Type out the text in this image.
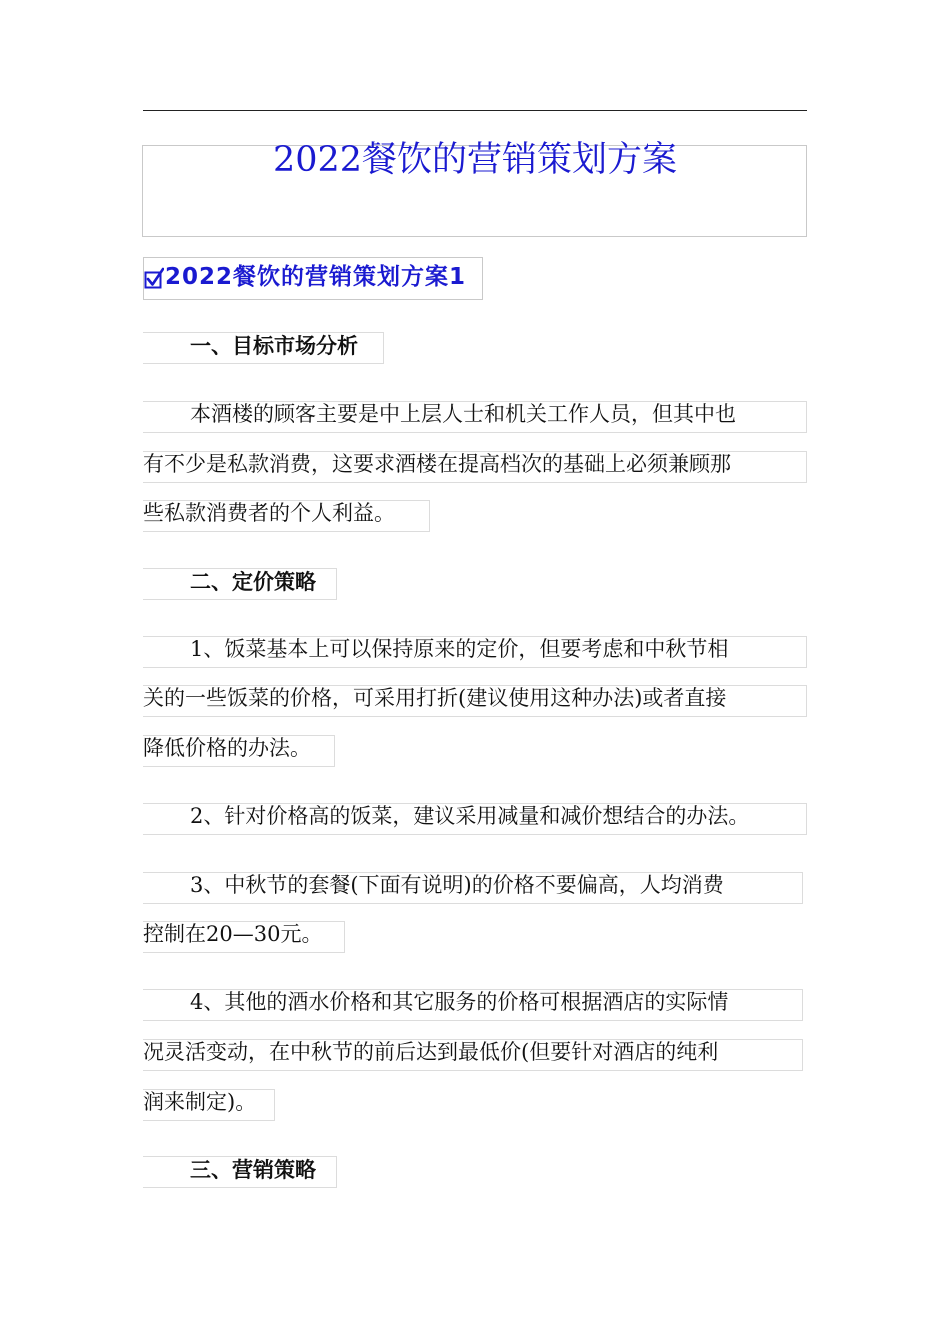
2022餐饮的营销策划方案
2022餐饮的营销策划方案1
一、目标市场分析
本酒楼的顾客主要是中上层人士和机关工作人员，但其中也
有不少是私款消费，这要求酒楼在提高档次的基础上必须兼顾那
些私款消费者的个人利益。
二、定价策略
1、饭菜基本上可以保持原来的定价，但要考虑和中秋节相
关的一些饭菜的价格，可采用打折(建议使用这种办法)或者直接
降低价格的办法。
2、针对价格高的饭菜，建议采用减量和减价想结合的办法。
3、中秋节的套餐(下面有说明)的价格不要偏高，人均消费
控制在20—30元。
4、其他的酒水价格和其它服务的价格可根据酒店的实际情
况灵活变动，在中秋节的前后达到最低价(但要针对酒店的纯利
润来制定)。
三、营销策略
